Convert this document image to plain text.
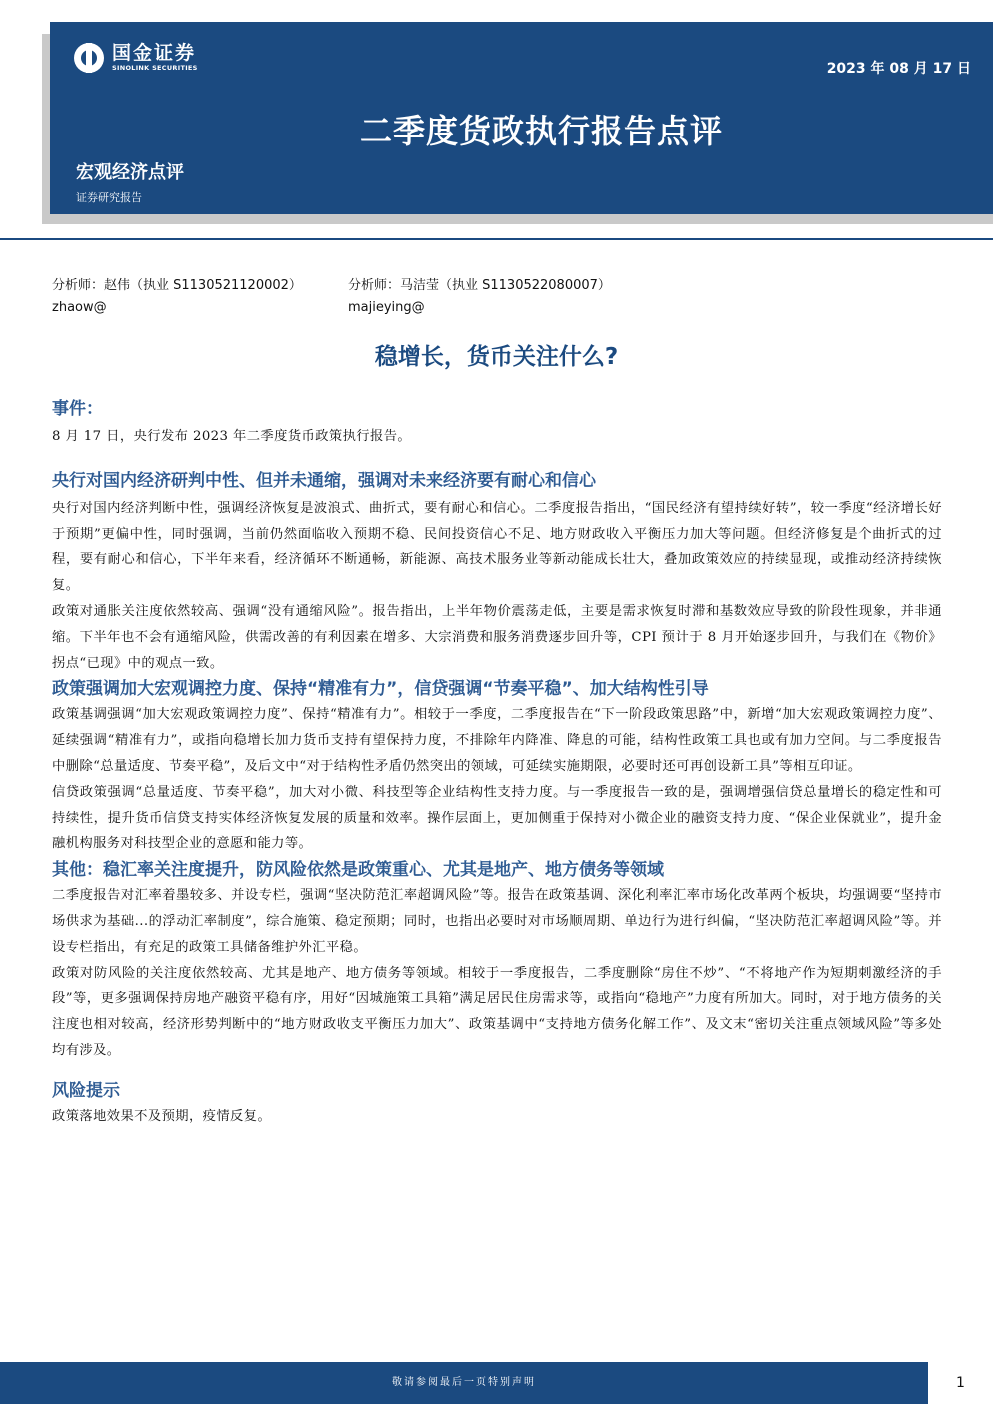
国金证券
SINOLINK SECURITIES	2023 年 08 月 17 日
二季度货政执行报告点评
宏观经济点评
证券研究报告
分析师：赵伟（执业 S1130521120002）
zhaow@
分析师：马洁莹（执业 S1130522080007）
majieying@
稳增长，货币关注什么?
事件：

8 月 17 日，央行发布 2023 年二季度货币政策执行报告。

央行对国内经济研判中性、但并未通缩，强调对未来经济要有耐心和信心

央行对国内经济判断中性，强调经济恢复是波浪式、曲折式，要有耐心和信心。二季度报告指出，“国民经济有望持续好转”，较一季度“经济增长好于预期”更偏中性，同时强调，当前仍然面临收入预期不稳、民间投资信心不足、地方财政收入平衡压力加大等问题。但经济修复是个曲折式的过程，要有耐心和信心，下半年来看，经济循环不断通畅，新能源、高技术服务业等新动能成长壮大，叠加政策效应的持续显现，或推动经济持续恢复。

政策对通胀关注度依然较高、强调“没有通缩风险”。报告指出，上半年物价震荡走低，主要是需求恢复时滞和基数效应导致的阶段性现象，并非通缩。下半年也不会有通缩风险，供需改善的有利因素在增多、大宗消费和服务消费逐步回升等，CPI 预计于 8 月开始逐步回升，与我们在《物价》拐点“已现》中的观点一致。

政策强调加大宏观调控力度、保持“精准有力”，信贷强调“节奏平稳”、加大结构性引导

政策基调强调“加大宏观政策调控力度”、保持“精准有力”。相较于一季度，二季度报告在“下一阶段政策思路”中，新增“加大宏观政策调控力度”、延续强调“精准有力”，或指向稳增长加力货币支持有望保持力度，不排除年内降准、降息的可能，结构性政策工具也或有加力空间。与二季度报告中删除“总量适度、节奏平稳”，及后文中“对于结构性矛盾仍然突出的领域，可延续实施期限，必要时还可再创设新工具”等相互印证。

信贷政策强调“总量适度、节奏平稳”，加大对小微、科技型等企业结构性支持力度。与一季度报告一致的是，强调增强信贷总量增长的稳定性和可持续性，提升货币信贷支持实体经济恢复发展的质量和效率。操作层面上，更加侧重于保持对小微企业的融资支持力度、“保企业保就业”，提升金融机构服务对科技型企业的意愿和能力等。

其他：稳汇率关注度提升，防风险依然是政策重心、尤其是地产、地方债务等领域

二季度报告对汇率着墨较多、并设专栏，强调“坚决防范汇率超调风险”等。报告在政策基调、深化利率汇率市场化改革两个板块，均强调要“坚持市场供求为基础...的浮动汇率制度”，综合施策、稳定预期；同时，也指出必要时对市场顺周期、单边行为进行纠偏，“坚决防范汇率超调风险”等。并设专栏指出，有充足的政策工具储备维护外汇平稳。

政策对防风险的关注度依然较高、尤其是地产、地方债务等领域。相较于一季度报告，二季度删除“房住不炒”、“不将地产作为短期刺激经济的手段”等，更多强调保持房地产融资平稳有序，用好“因城施策工具箱”满足居民住房需求等，或指向“稳地产”力度有所加大。同时，对于地方债务的关注度也相对较高，经济形势判断中的“地方财政收支平衡压力加大”、政策基调中“支持地方债务化解工作”、及文末“密切关注重点领域风险”等多处均有涉及。

风险提示

政策落地效果不及预期，疫情反复。

敬请参阅最后一页特别声明	1
